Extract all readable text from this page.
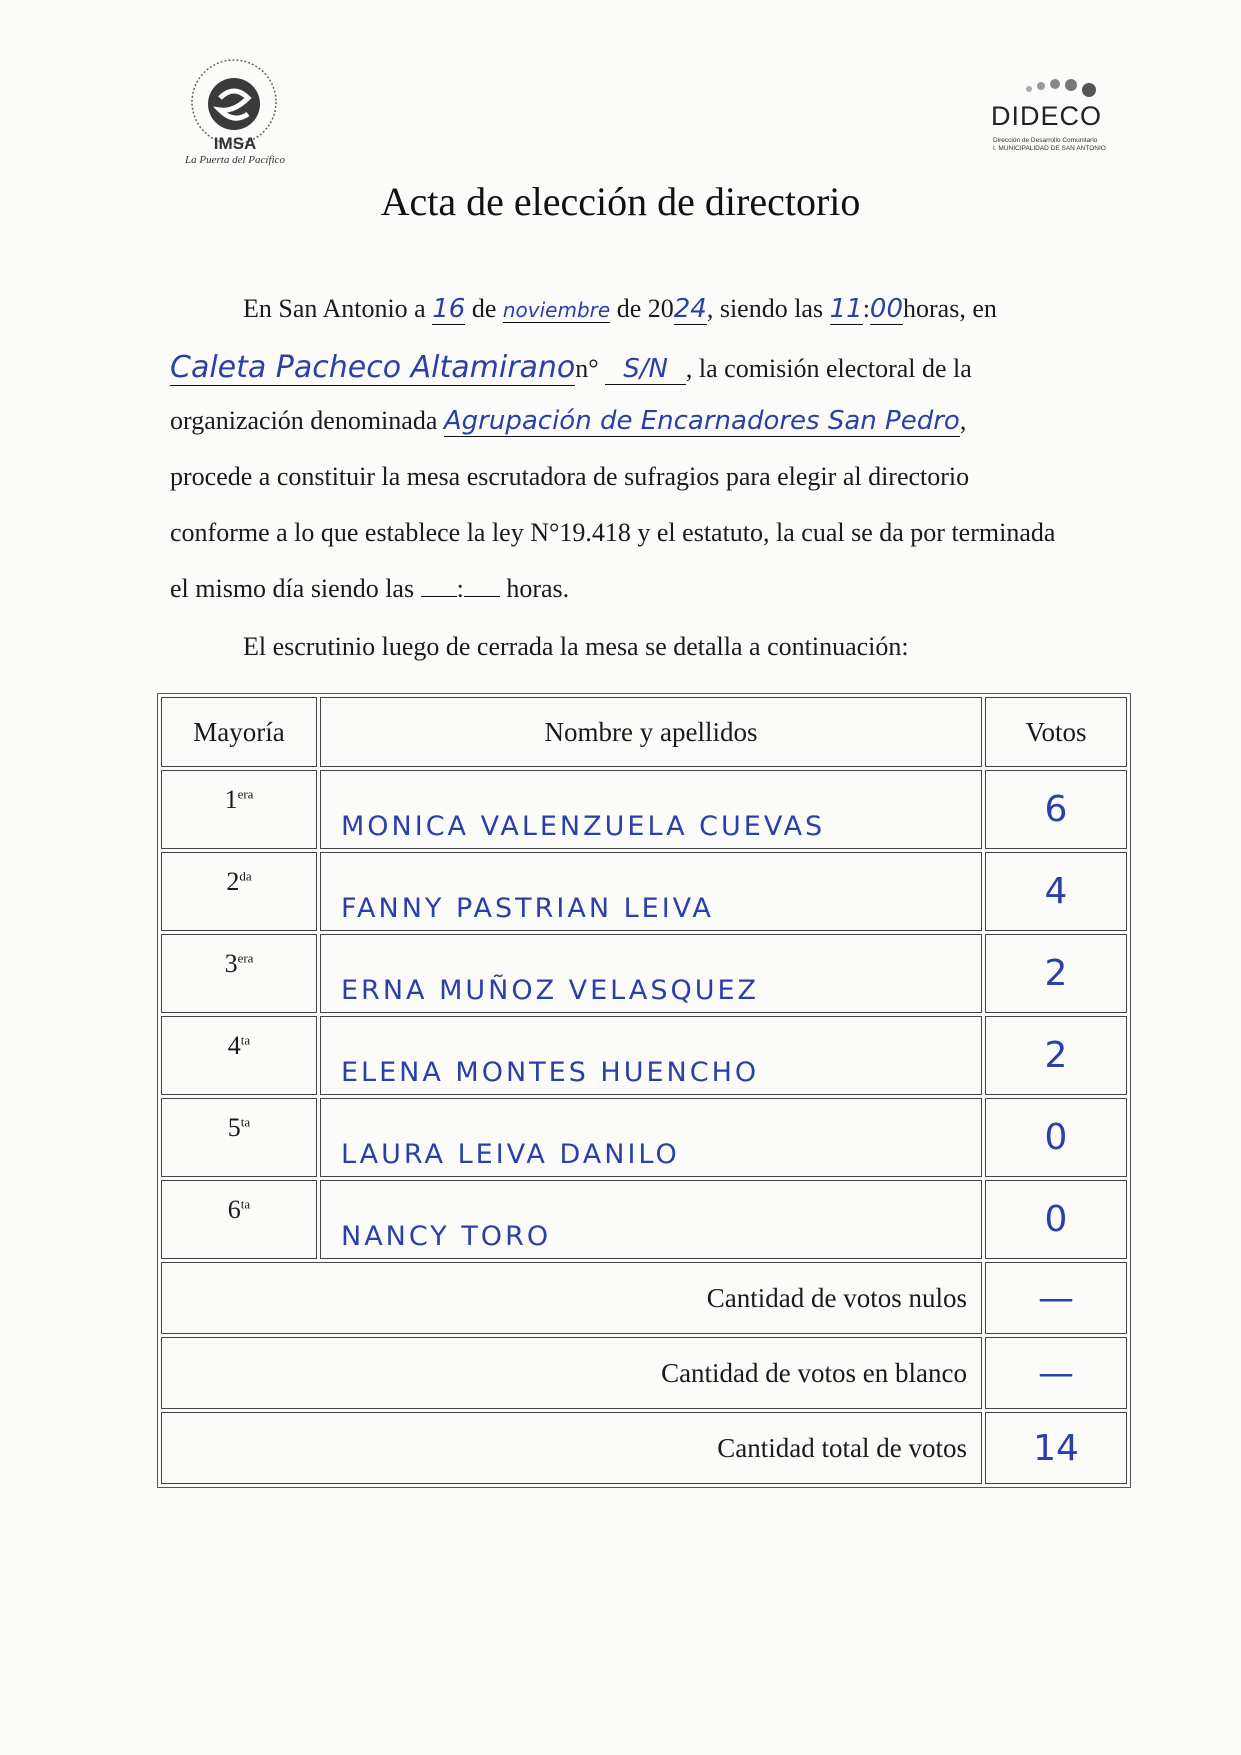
IMSA
La Puerta del Pacífico
DIDECO
Dirección de Desarrollo Comunitario
I. MUNICIPALIDAD DE SAN ANTONIO
Acta de elección de directorio
En San Antonio a 16 de noviembre de 2024, siendo las 11:00horas, en
Caleta Pacheco Altamiranon° S/N , la comisión electoral de la
organización denominada Agrupación de Encarnadores San Pedro,
procede a constituir la mesa escrutadora de sufragios para elegir al directorio
conforme a lo que establece la ley N°19.418 y el estatuto, la cual se da por terminada
el mismo día siendo las : horas.
El escrutinio luego de cerrada la mesa se detalla a continuación:
Mayoría	Nombre y apellidos	Votos
$1^{era}$	MONICA VALENZUELA CUEVAS	6
$2^{da}$	FANNY PASTRIAN LEIVA	4
$3^{era}$	ERNA MUÑOZ VELASQUEZ	2
$4^{ta}$	ELENA MONTES HUENCHO	2
$5^{ta}$	LAURA LEIVA DANILO	0
$6^{ta}$	NANCY TORO	0
Cantidad de votos nulos		—
Cantidad de votos en blanco		—
Cantidad total de votos		14
